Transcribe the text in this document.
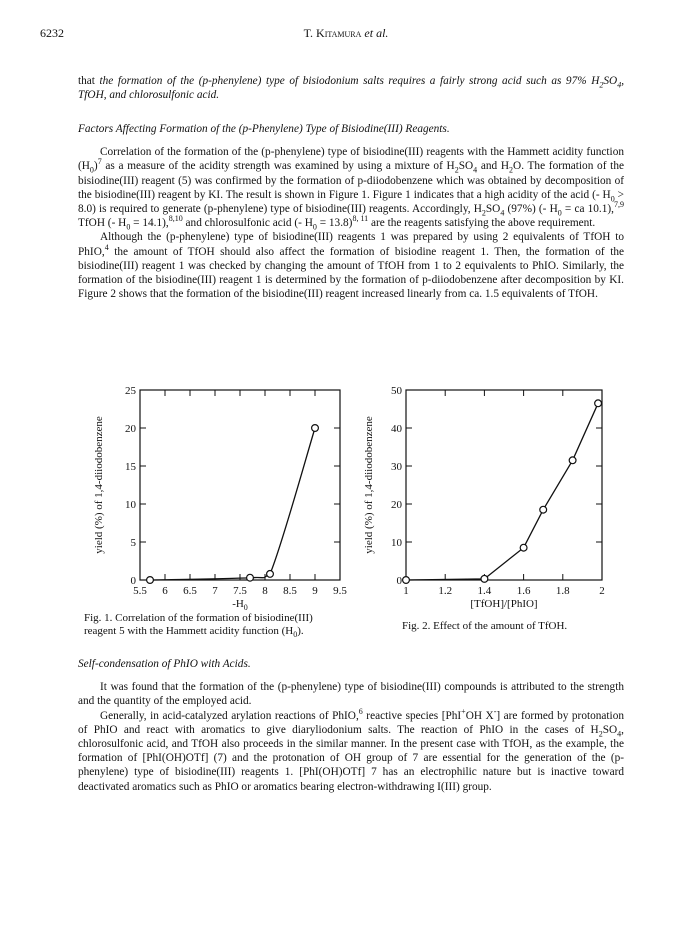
6232	T. Kitamura et al.

that the formation of the (p-phenylene) type of bisiodonium salts requires a fairly strong acid such as 97% $H_2SO_4$, TfOH, and chlorosulfonic acid.

Factors Affecting Formation of the (p-Phenylene) Type of Bisiodine(III) Reagents.

Correlation of the formation of the (p-phenylene) type of bisiodine(III) reagents with the Hammett acidity function $(H_0)^7$ as a measure of the acidity strength was examined by using a mixture of $H_2SO_4$ and $H_2O$. The formation of the bisiodine(III) reagent (5) was confirmed by the formation of p-diiodobenzene which was obtained by decomposition of the bisiodine(III) reagent by KI. The result is shown in Figure 1. Figure 1 indicates that a high acidity of the acid (- $H_0 > 8.0$) is required to generate (p-phenylene) type of bisiodine(III) reagents. Accordingly, $H_2SO_4$ (97%) (- $H_0$ = ca 10.1),$^{7,9}$ TfOH (- $H_0 = 14.1),^{8,10}$ and chlorosulfonic acid (- $H_0 = 13.8)^{8, 11}$ are the reagents satisfying the above requirement.

Although the (p-phenylene) type of bisiodine(III) reagents 1 was prepared by using 2 equivalents of TfOH to PhIO,$^4$ the amount of TfOH should also affect the formation of bisiodine reagent 1. Then, the formation of the bisiodine(III) reagent 1 was checked by changing the amount of TfOH from 1 to 2 equivalents to PhIO. Similarly, the formation of the bisiodine(III) reagent 1 is determined by the formation of p-diiodobenzene after decomposition by KI. Figure 2 shows that the formation of the bisiodine(III) reagent increased linearly from ca. 1.5 equivalents of TfOH.

5.5 6 6.5 7 7.5 8 8.5 9 9.5
0
5
10
15
20
25
$-H_0$
yield (%) of 1,4-diiodobenzene
Fig. 1. Correlation of the formation of bisiodine(III)
reagent 5 with the Hammett acidity function $(H_0)$.
1	1.2 1.4 1.6 1.8	2
0
10
20
30
40
50
[TfOH]/[PhIO]
yield (%) of 1,4-diiodobenzene
Fig. 2. Effect of the amount of TfOH.

Self-condensation of PhIO with Acids.

It was found that the formation of the (p-phenylene) type of bisiodine(III) compounds is attributed to the strength and the quantity of the employed acid.

Generally, in acid-catalyzed arylation reactions of PhIO,$^6$ reactive species [PhI+OH X-] are formed by protonation of PhIO and react with aromatics to give diaryliodonium salts. The reaction of PhIO in the cases of $H_2SO_4$, chlorosulfonic acid, and TfOH also proceeds in the similar manner. In the present case with TfOH, as the example, the formation of [PhI(OH)OTf] (7) and the protonation of OH group of 7 are essential for the generation of the (p-phenylene) type of bisiodine(III) reagents 1. [PhI(OH)OTf] 7 has an electrophilic nature but is inactive toward deactivated aromatics such as PhIO or aromatics bearing electron-withdrawing I(III) group.
